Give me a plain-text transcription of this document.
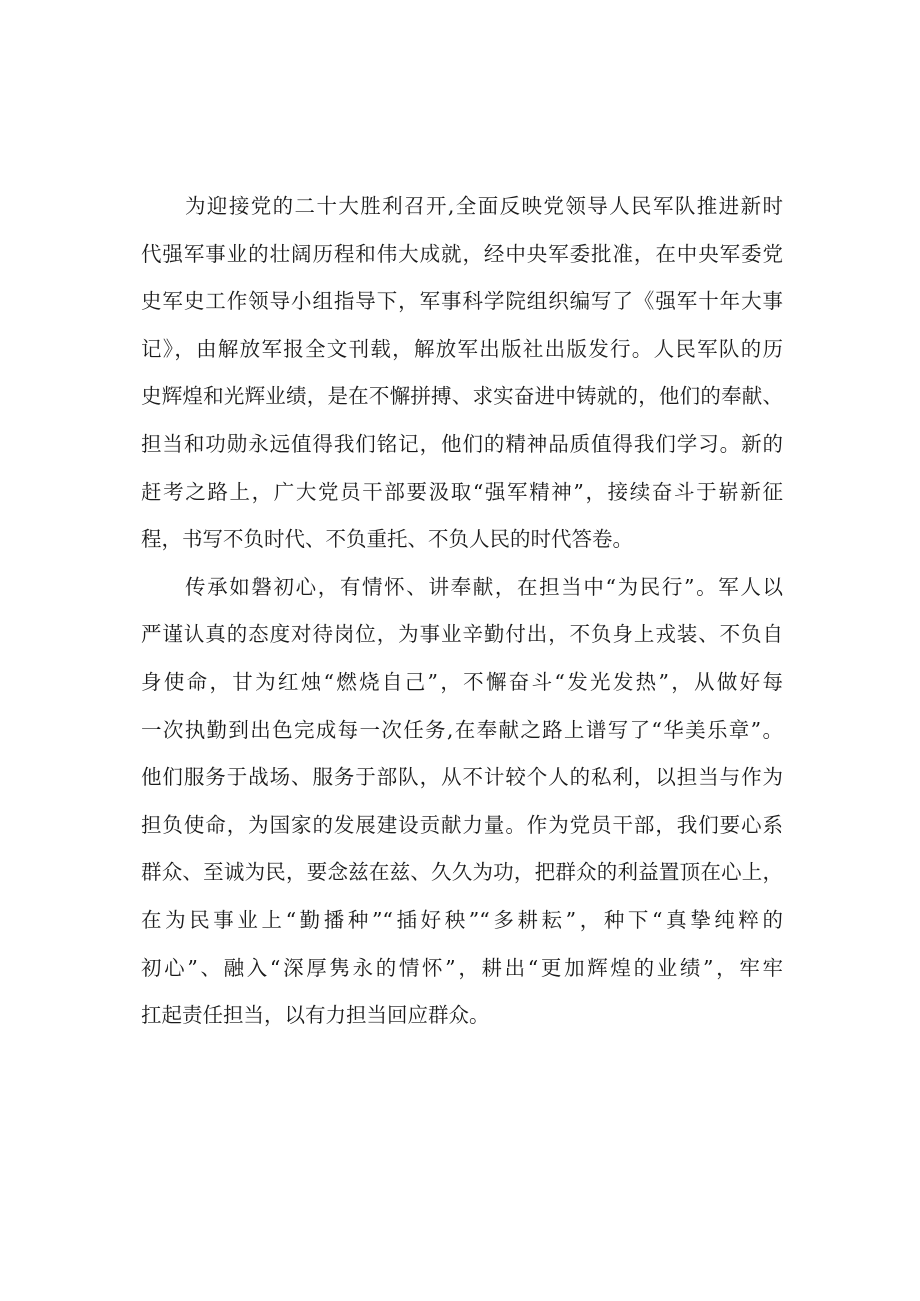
为迎接党的二十大胜利召开,全面反映党领导人民军队推进新时
代强军事业的壮阔历程和伟大成就，经中央军委批准，在中央军委党
史军史工作领导小组指导下，军事科学院组织编写了《强军十年大事
记》，由解放军报全文刊载，解放军出版社出版发行。人民军队的历
史辉煌和光辉业绩，是在不懈拼搏、求实奋进中铸就的，他们的奉献、
担当和功勋永远值得我们铭记，他们的精神品质值得我们学习。新的
赶考之路上，广大党员干部要汲取“强军精神”，接续奋斗于崭新征
程，书写不负时代、不负重托、不负人民的时代答卷。
传承如磐初心，有情怀、讲奉献，在担当中“为民行”。军人以
严谨认真的态度对待岗位，为事业辛勤付出，不负身上戎装、不负自
身使命，甘为红烛“燃烧自己”，不懈奋斗“发光发热”，从做好每
一次执勤到出色完成每一次任务,在奉献之路上谱写了“华美乐章”。
他们服务于战场、服务于部队，从不计较个人的私利，以担当与作为
担负使命，为国家的发展建设贡献力量。作为党员干部，我们要心系
群众、至诚为民，要念兹在兹、久久为功，把群众的利益置顶在心上，
在为民事业上“勤播种”“插好秧”“多耕耘”，种下“真挚纯粹的
初心”、融入“深厚隽永的情怀”，耕出“更加辉煌的业绩”，牢牢
扛起责任担当，以有力担当回应群众。
